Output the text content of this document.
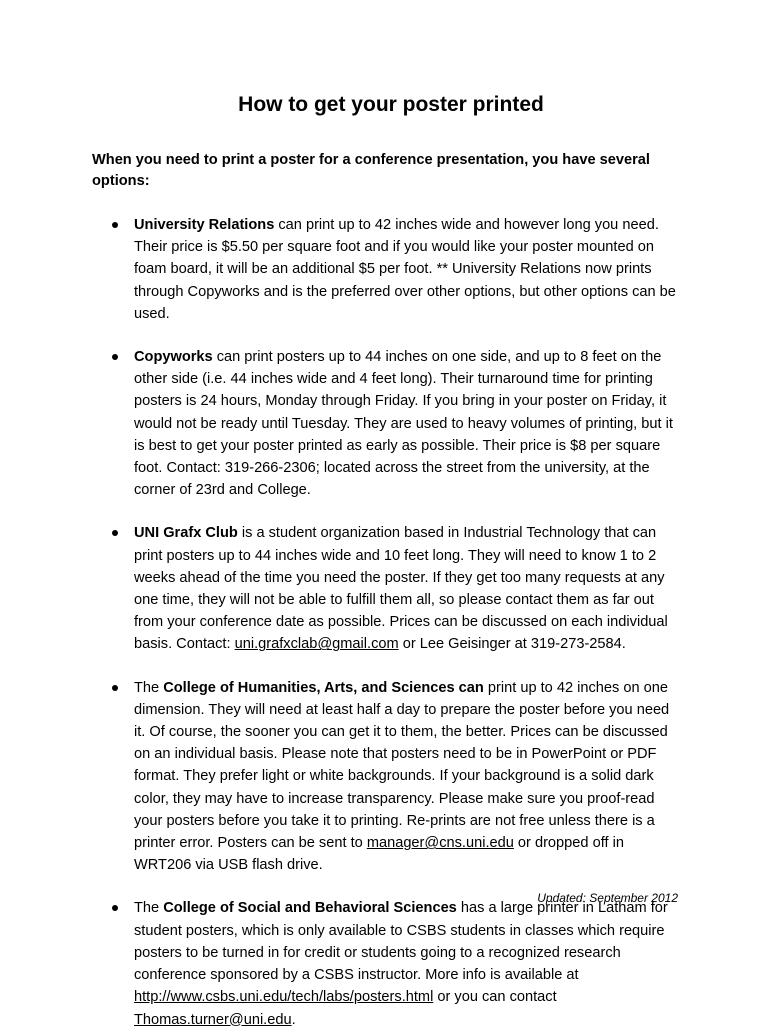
How to get your poster printed

When you need to print a poster for a conference presentation, you have several options:

University Relations can print up to 42 inches wide and however long you need. Their price is $5.50 per square foot and if you would like your poster mounted on foam board, it will be an additional $5 per foot. ** University Relations now prints through Copyworks and is the preferred over other options, but other options can be used.
Copyworks can print posters up to 44 inches on one side, and up to 8 feet on the other side (i.e. 44 inches wide and 4 feet long). Their turnaround time for printing posters is 24 hours, Monday through Friday. If you bring in your poster on Friday, it would not be ready until Tuesday. They are used to heavy volumes of printing, but it is best to get your poster printed as early as possible. Their price is $8 per square foot. Contact: 319-266-2306; located across the street from the university, at the corner of 23rd and College.
UNI Grafx Club is a student organization based in Industrial Technology that can print posters up to 44 inches wide and 10 feet long. They will need to know 1 to 2 weeks ahead of the time you need the poster. If they get too many requests at any one time, they will not be able to fulfill them all, so please contact them as far out from your conference date as possible. Prices can be discussed on each individual basis. Contact: uni.grafxclab@gmail.com or Lee Geisinger at 319-273-2584.
The College of Humanities, Arts, and Sciences can print up to 42 inches on one dimension. They will need at least half a day to prepare the poster before you need it. Of course, the sooner you can get it to them, the better. Prices can be discussed on an individual basis. Please note that posters need to be in PowerPoint or PDF format. They prefer light or white backgrounds. If your background is a solid dark color, they may have to increase transparency. Please make sure you proof-read your posters before you take it to printing. Re-prints are not free unless there is a printer error. Posters can be sent to manager@cns.uni.edu or dropped off in WRT206 via USB flash drive.
The College of Social and Behavioral Sciences has a large printer in Latham for student posters, which is only available to CSBS students in classes which require posters to be turned in for credit or students going to a recognized research conference sponsored by a CSBS instructor. More info is available at http://www.csbs.uni.edu/tech/labs/posters.html or you can contact Thomas.turner@uni.edu.
Updated: September 2012
